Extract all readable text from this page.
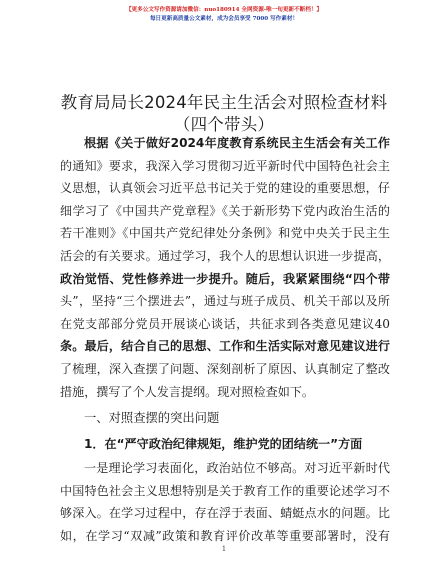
【更多公文写作资源请加微信：nuo180914 全网资源-唯一旬更新不断档！】
每日更新高质量公文素材，成为会员享受 7000 写作素材！
教育局局长2024年民主生活会对照检查材料
（四个带头）
根据《关于做好2024年度教育系统民主生活会有关工作
的通知》要求，我深入学习贯彻习近平新时代中国特色社会主
义思想，认真领会习近平总书记关于党的建设的重要思想，仔
细学习了《中国共产党章程》《关于新形势下党内政治生活的
若干准则》《中国共产党纪律处分条例》和党中央关于民主生
活会的有关要求。通过学习，我个人的思想认识进一步提高，
政治觉悟、党性修养进一步提升。随后，我紧紧围绕“四个带
头”，坚持“三个摆进去”，通过与班子成员、机关干部以及所
在党支部部分党员开展谈心谈话，共征求到各类意见建议40
条。最后，结合自己的思想、工作和生活实际对意见建议进行
了梳理，深入查摆了问题、深刻剖析了原因、认真制定了整改
措施，撰写了个人发言提纲。现对照检查如下。
一、对照查摆的突出问题
1．在“严守政治纪律规矩，维护党的团结统一”方面
一是理论学习表面化，政治站位不够高。对习近平新时代
中国特色社会主义思想特别是关于教育工作的重要论述学习不
够深入。在学习过程中，存在浮于表面、蜻蜓点水的问题。比
如，在学习“双减”政策和教育评价改革等重要部署时，没有
1
